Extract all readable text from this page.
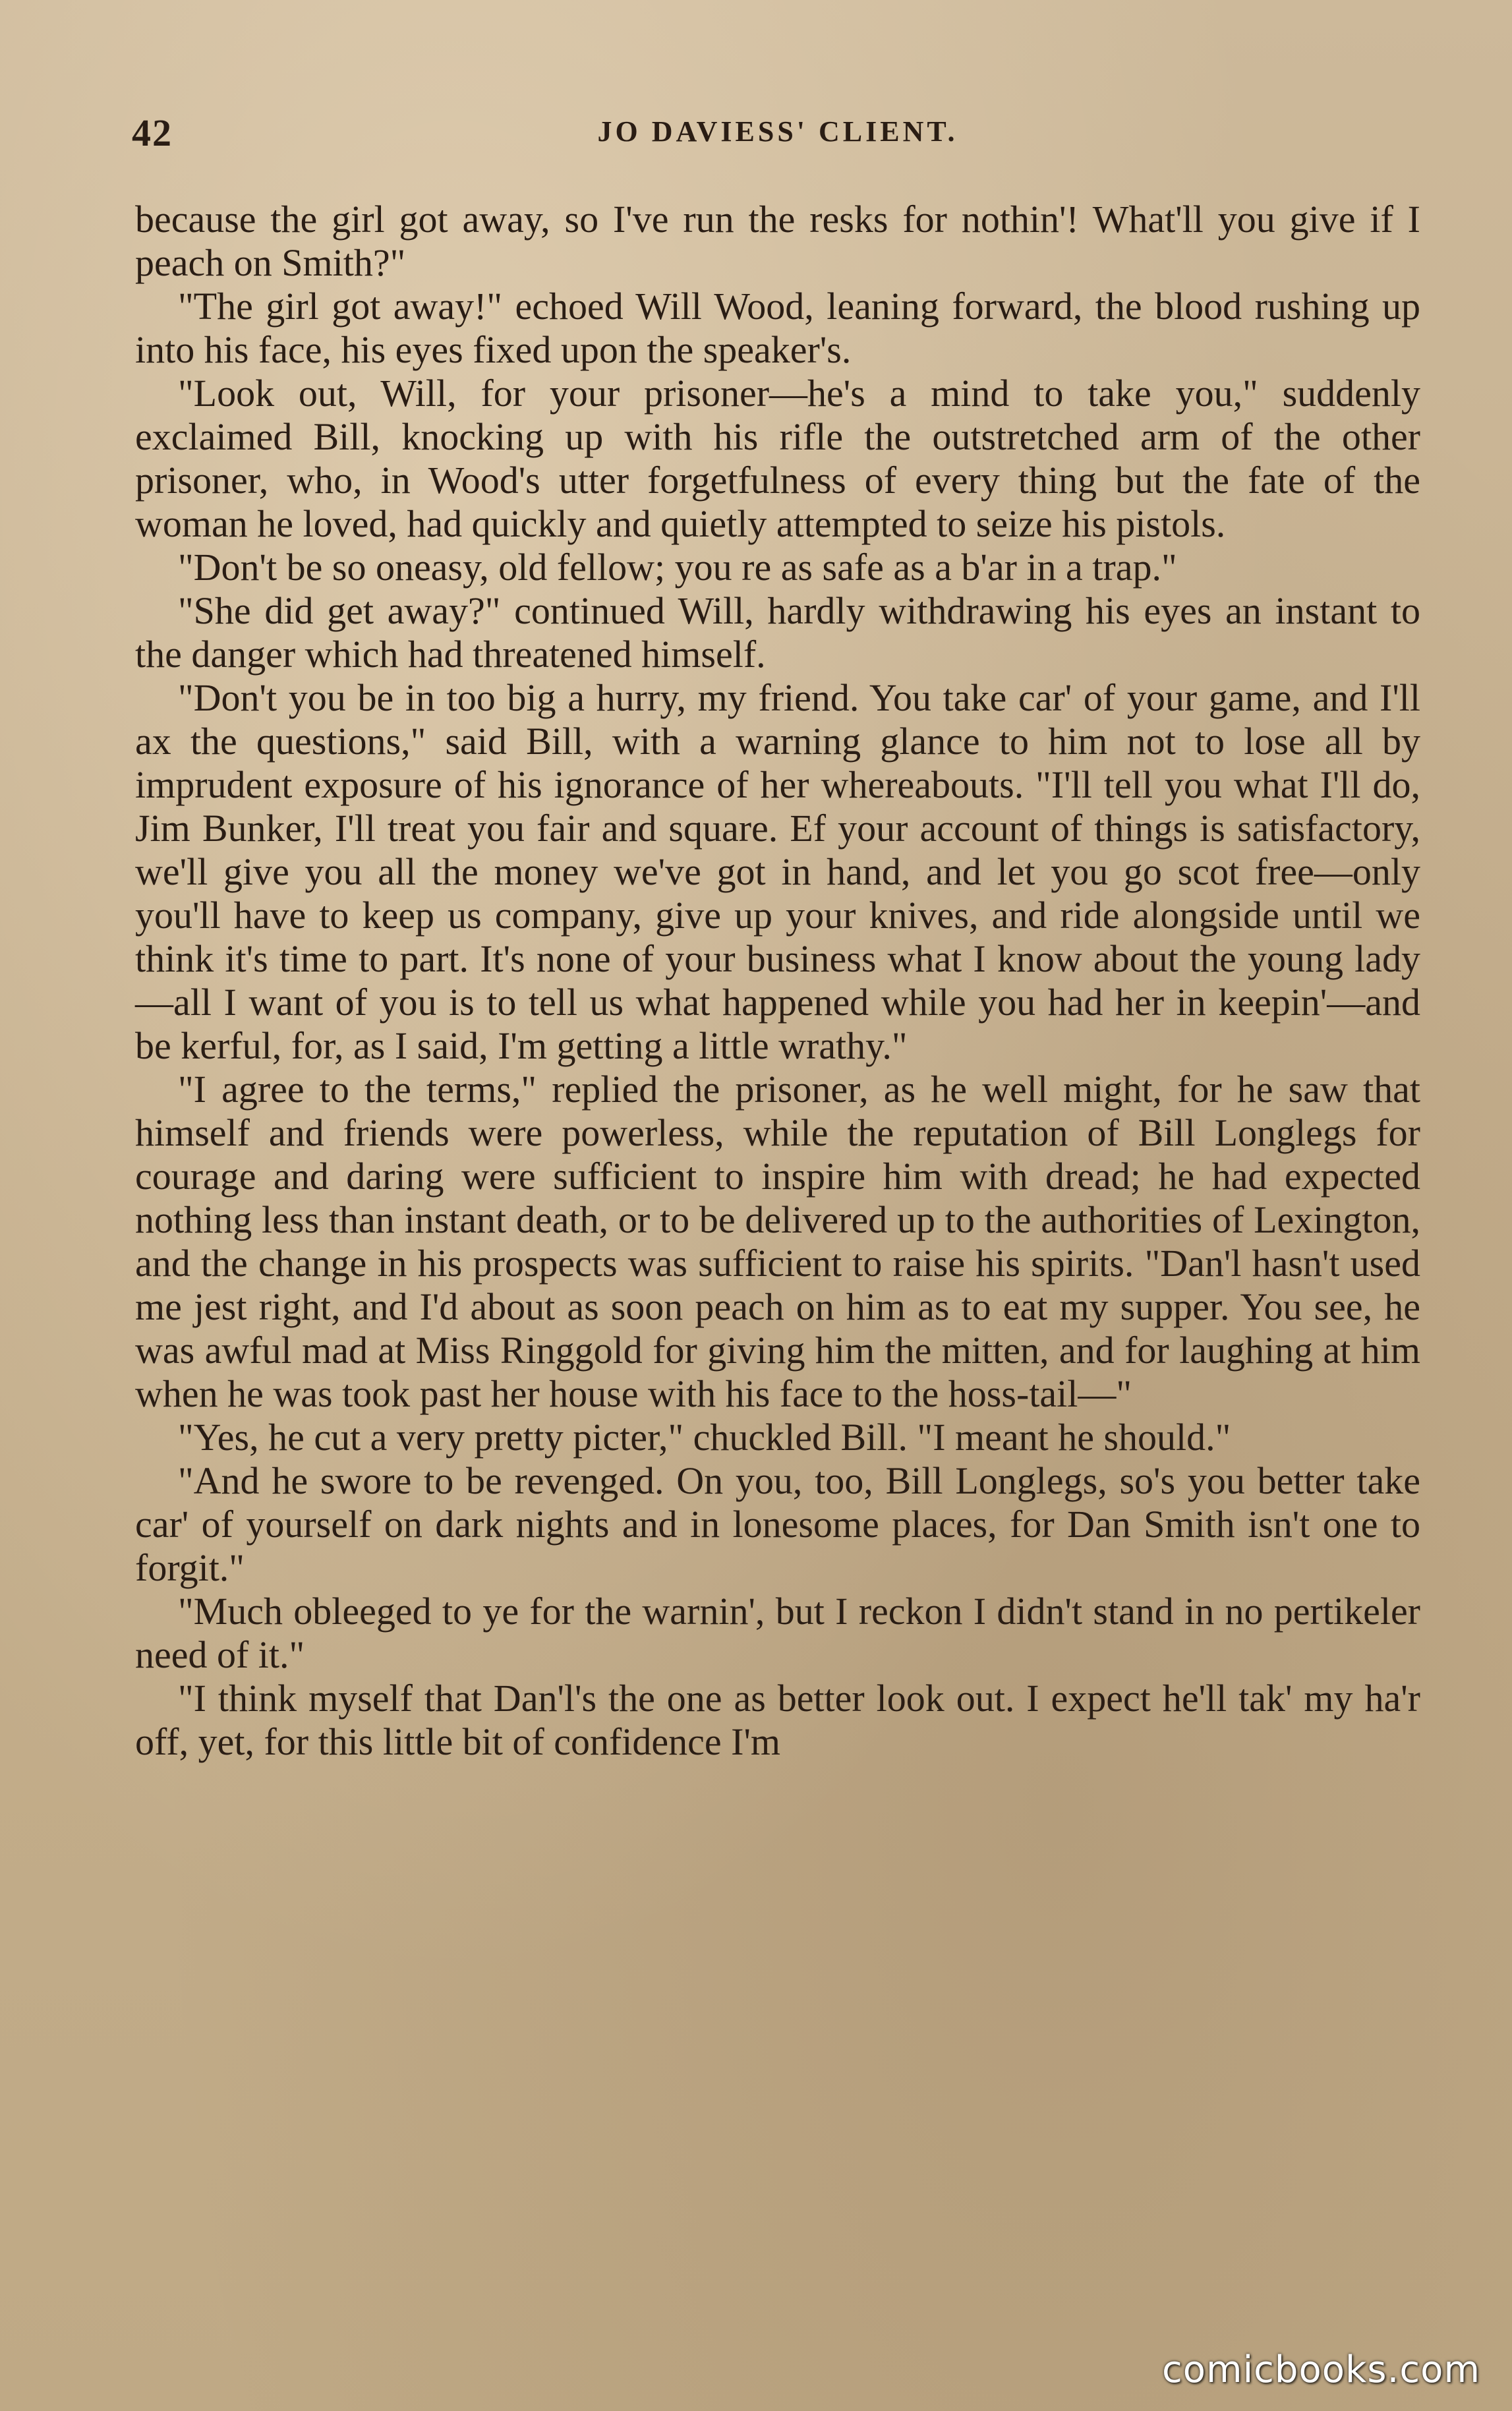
42	JO DAVIESS' CLIENT.

because the girl got away, so I've run the resks for nothin'! What'll you give if I peach on Smith?"

"The girl got away!" echoed Will Wood, leaning forward, the blood rushing up into his face, his eyes fixed upon the speaker's.

"Look out, Will, for your prisoner—he's a mind to take you," suddenly exclaimed Bill, knocking up with his rifle the outstretched arm of the other prisoner, who, in Wood's utter forgetfulness of every thing but the fate of the woman he loved, had quickly and quietly attempted to seize his pistols.

"Don't be so oneasy, old fellow; you re as safe as a b'ar in a trap."

"She did get away?" continued Will, hardly withdrawing his eyes an instant to the danger which had threatened himself.

"Don't you be in too big a hurry, my friend. You take car' of your game, and I'll ax the questions," said Bill, with a warning glance to him not to lose all by imprudent exposure of his ignorance of her whereabouts. "I'll tell you what I'll do, Jim Bunker, I'll treat you fair and square. Ef your account of things is satisfactory, we'll give you all the money we've got in hand, and let you go scot free—only you'll have to keep us company, give up your knives, and ride alongside until we think it's time to part. It's none of your business what I know about the young lady—all I want of you is to tell us what happened while you had her in keepin'—and be kerful, for, as I said, I'm getting a little wrathy."

"I agree to the terms," replied the prisoner, as he well might, for he saw that himself and friends were powerless, while the reputation of Bill Longlegs for courage and daring were sufficient to inspire him with dread; he had expected nothing less than instant death, or to be delivered up to the authorities of Lexington, and the change in his prospects was sufficient to raise his spirits. "Dan'l hasn't used me jest right, and I'd about as soon peach on him as to eat my supper. You see, he was awful mad at Miss Ringgold for giving him the mitten, and for laughing at him when he was took past her house with his face to the hoss-tail—"

"Yes, he cut a very pretty picter," chuckled Bill. "I meant he should."

"And he swore to be revenged. On you, too, Bill Longlegs, so's you better take car' of yourself on dark nights and in lonesome places, for Dan Smith isn't one to forgit."

"Much obleeged to ye for the warnin', but I reckon I didn't stand in no pertikeler need of it."

"I think myself that Dan'l's the one as better look out. I expect he'll tak' my ha'r off, yet, for this little bit of confidence I'm

comicbooks.com
